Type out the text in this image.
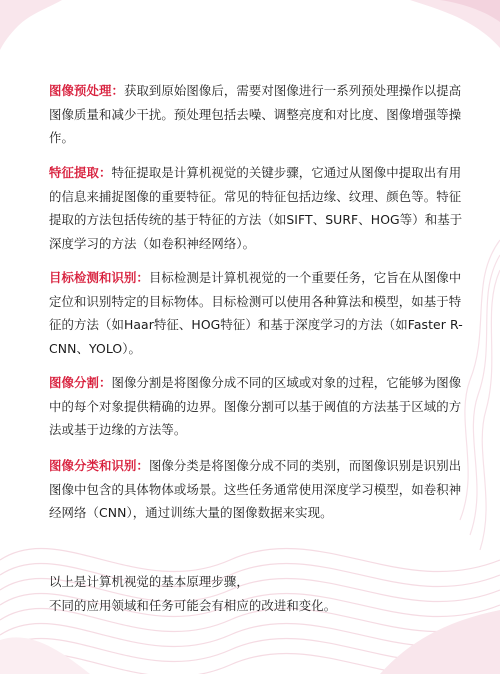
图像预处理：获取到原始图像后，需要对图像进行一系列预处理操作以提高图像质量和减少干扰。预处理包括去噪、调整亮度和对比度、图像增强等操作。

特征提取：特征提取是计算机视觉的关键步骤，它通过从图像中提取出有用的信息来捕捉图像的重要特征。常见的特征包括边缘、纹理、颜色等。特征提取的方法包括传统的基于特征的方法（如SIFT、SURF、HOG等）和基于深度学习的方法（如卷积神经网络）。

目标检测和识别：目标检测是计算机视觉的一个重要任务，它旨在从图像中定位和识别特定的目标物体。目标检测可以使用各种算法和模型，如基于特征的方法（如Haar特征、HOG特征）和基于深度学习的方法（如Faster R-CNN、YOLO）。

图像分割：图像分割是将图像分成不同的区域或对象的过程，它能够为图像中的每个对象提供精确的边界。图像分割可以基于阈值的方法基于区域的方法或基于边缘的方法等。

图像分类和识别：图像分类是将图像分成不同的类别，而图像识别是识别出图像中包含的具体物体或场景。这些任务通常使用深度学习模型，如卷积神经网络（CNN），通过训练大量的图像数据来实现。

以上是计算机视觉的基本原理步骤，
不同的应用领域和任务可能会有相应的改进和变化。
